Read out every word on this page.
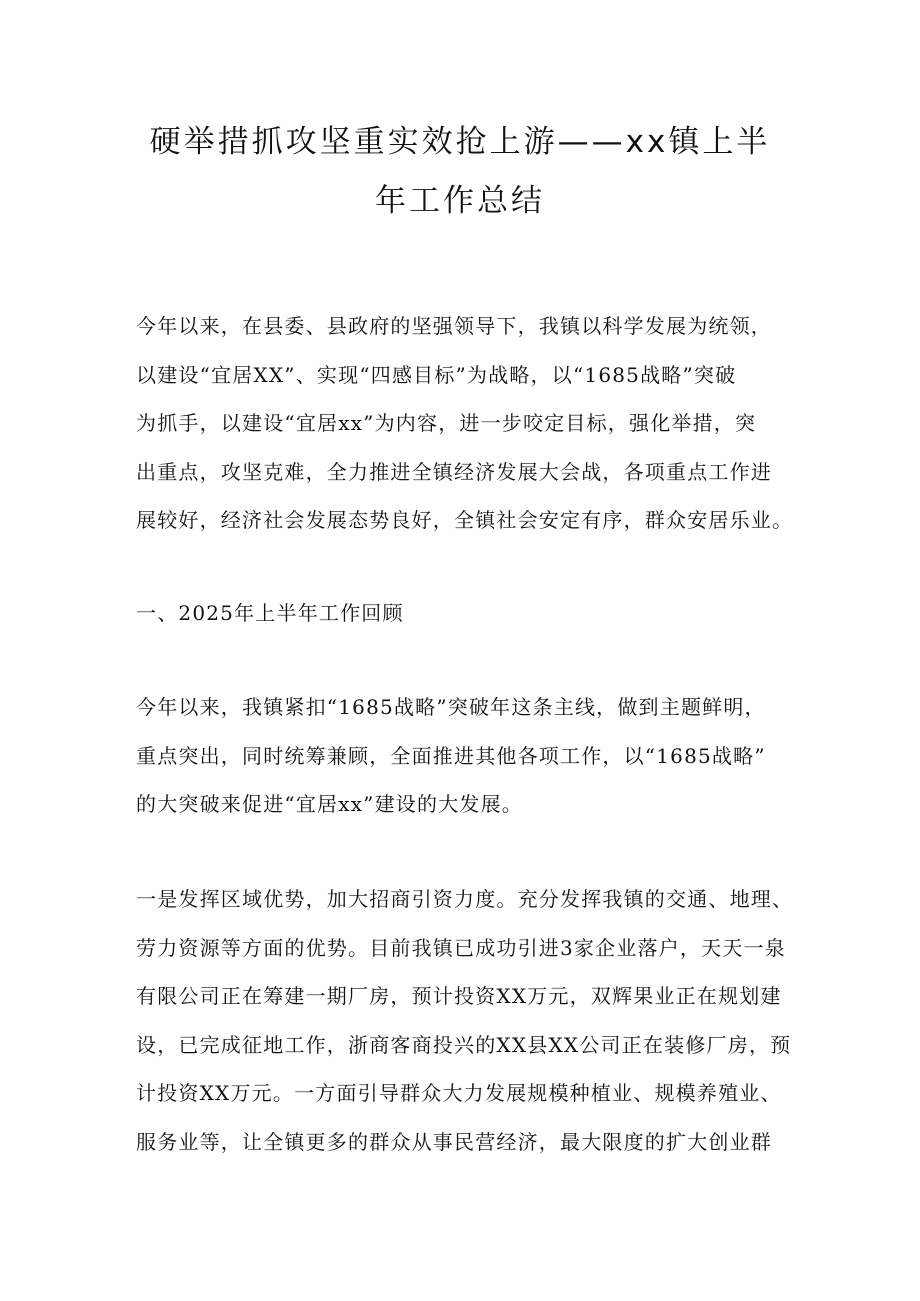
硬举措抓攻坚重实效抢上游——xx镇上半
年工作总结
今年以来，在县委、县政府的坚强领导下，我镇以科学发展为统领，
以建设“宜居XX”、实现“四感目标”为战略，以“1685战略”突破
为抓手，以建设“宜居xx”为内容，进一步咬定目标，强化举措，突
出重点，攻坚克难，全力推进全镇经济发展大会战，各项重点工作进
展较好，经济社会发展态势良好，全镇社会安定有序，群众安居乐业。
一、2025年上半年工作回顾
今年以来，我镇紧扣“1685战略”突破年这条主线，做到主题鲜明，
重点突出，同时统筹兼顾，全面推进其他各项工作，以“1685战略”
的大突破来促进“宜居xx”建设的大发展。
一是发挥区域优势，加大招商引资力度。充分发挥我镇的交通、地理、
劳力资源等方面的优势。目前我镇已成功引进3家企业落户，天天一泉
有限公司正在筹建一期厂房，预计投资XX万元，双辉果业正在规划建
设，已完成征地工作，浙商客商投兴的XX县XX公司正在装修厂房，预
计投资XX万元。一方面引导群众大力发展规模种植业、规模养殖业、
服务业等，让全镇更多的群众从事民营经济，最大限度的扩大创业群
